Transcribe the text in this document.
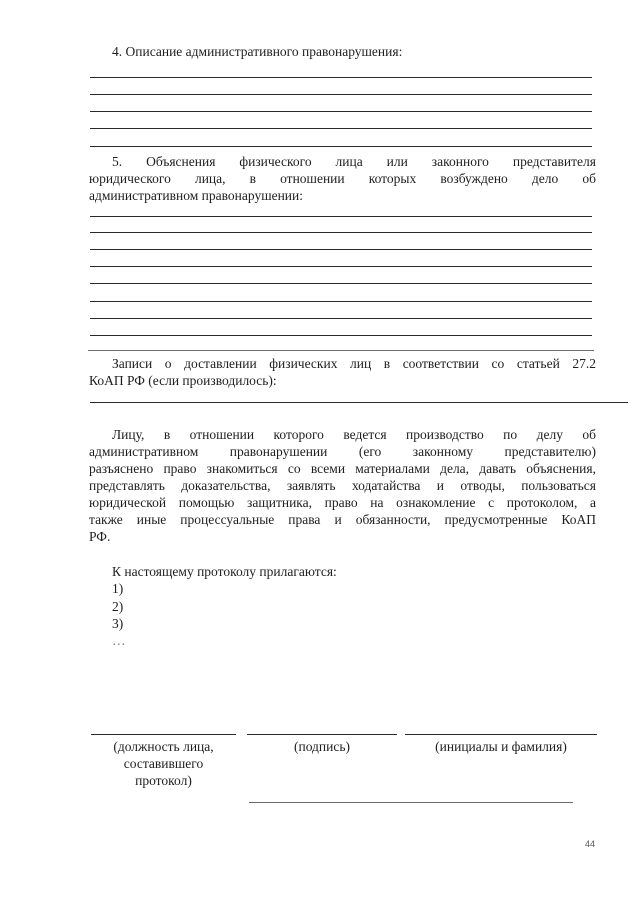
4. Описание административного правонарушения:
5. Объяснения физического лица или законного представителя
юридического лица, в отношении которых возбуждено дело об
административном правонарушении:
Записи о доставлении физических лиц в соответствии со статьей 27.2
КоАП РФ (если производилось):
Лицу, в отношении которого ведется производство по делу об
административном правонарушении (его законному представителю)
разъяснено право знакомиться со всеми материалами дела, давать объяснения,
представлять доказательства, заявлять ходатайства и отводы, пользоваться
юридической помощью защитника, право на ознакомление с протоколом, а
также иные процессуальные права и обязанности, предусмотренные КоАП
РФ.
К настоящему протоколу прилагаются:
1)
2)
3)
…
(должность лица,
составившего
протокол)
(подпись)	(инициалы и фамилия)
44
